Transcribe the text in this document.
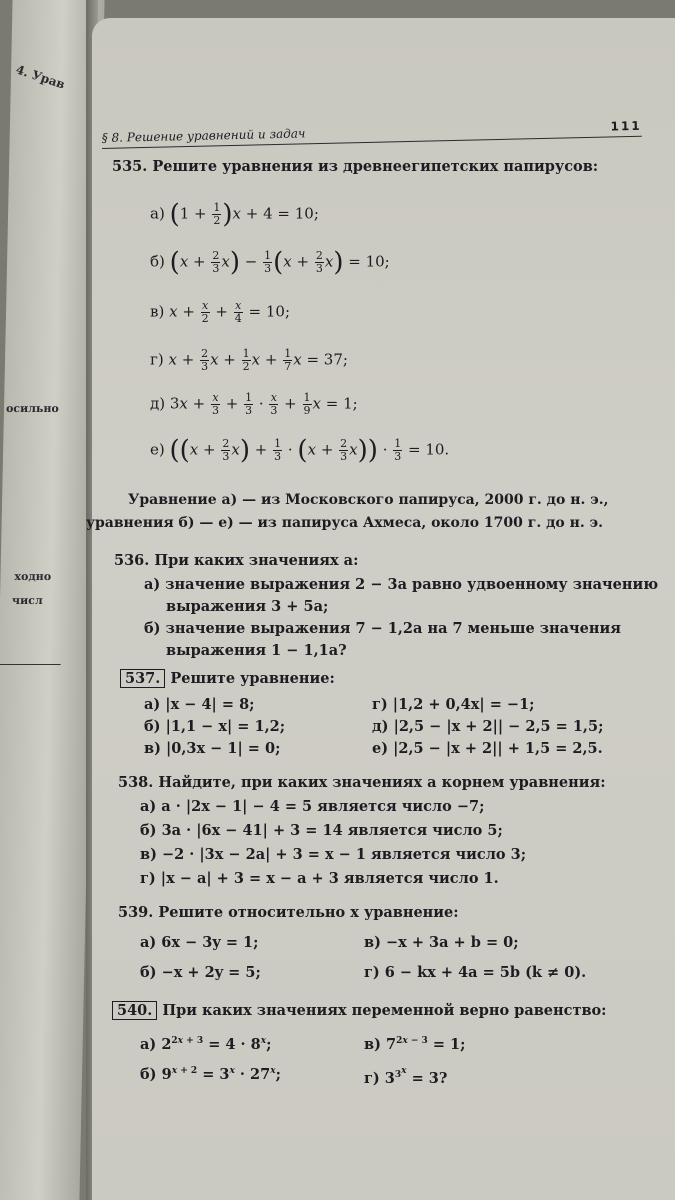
4. Урав
осильно
ходно
числ
§ 8. Решение уравнений и задач
111
535. Решите уравнения из древнеегипетских папирусов:
а) $(1 + \frac{1}{2} )x + 4 = 10$;
б) $(x + \frac{2}{3} x) - \frac{1}{3} (x + \frac{2}{3} x) = 10$;
в) $x + \frac{x}{2} + \frac{x}{4} = 10$;
г) $x + \frac{2}{3}$ $x + \frac{1}{2}$ $x + \frac{1}{7}$ x = 37;
д) $3x + \frac{x}{3} + \frac{1}{3} \cdot \frac{x}{3} + \frac{1}{9}$ x = 1;
е) $((x + \frac{2}{3} x) + \frac{1}{3} \cdot (x + \frac{2}{3} x)) \cdot \frac{1}{3} = 10$.
Уравнение а) — из Московского папируса, 2000 г. до н. э.,
уравнения б) — е) — из папируса Ахмеса, около 1700 г. до н. э.
536. При каких значениях a:
а) значение выражения 2 − 3a равно удвоенному значению
выражения 3 + 5a;
б) значение выражения 7 − 1,2a на 7 меньше значения
выражения 1 − 1,1a?
537. Решите уравнение:
а) |x − 4| = 8;
б) |1,1 − x| = 1,2;
в) |0,3x − 1| = 0;
г) |1,2 + 0,4x| = −1;
д) |2,5 − |x + 2|| − 2,5 = 1,5;
е) |2,5 − |x + 2|| + 1,5 = 2,5.
538. Найдите, при каких значениях a корнем уравнения:
а) a · |2x − 1| − 4 = 5 является число −7;
б) 3a · |6x − 41| + 3 = 14 является число 5;
в) −2 · |3x − 2a| + 3 = x − 1 является число 3;
г) |x − a| + 3 = x − a + 3 является число 1.
539. Решите относительно x уравнение:
а) 6x − 3y = 1;
б) −x + 2y = 5;
в) −x + 3a + b = 0;
г) 6 − kx + 4a = 5b (k ≠ 0).
540. При каких значениях переменной верно равенство:
а) $2^{2x + 3} = 4 \cdot 8^x$;
б) $9^{x + 2} = 3^x \cdot 27^x$;
в) $7^{2x - 3} = 1$;
г) $3^{3^x} = 3$?
